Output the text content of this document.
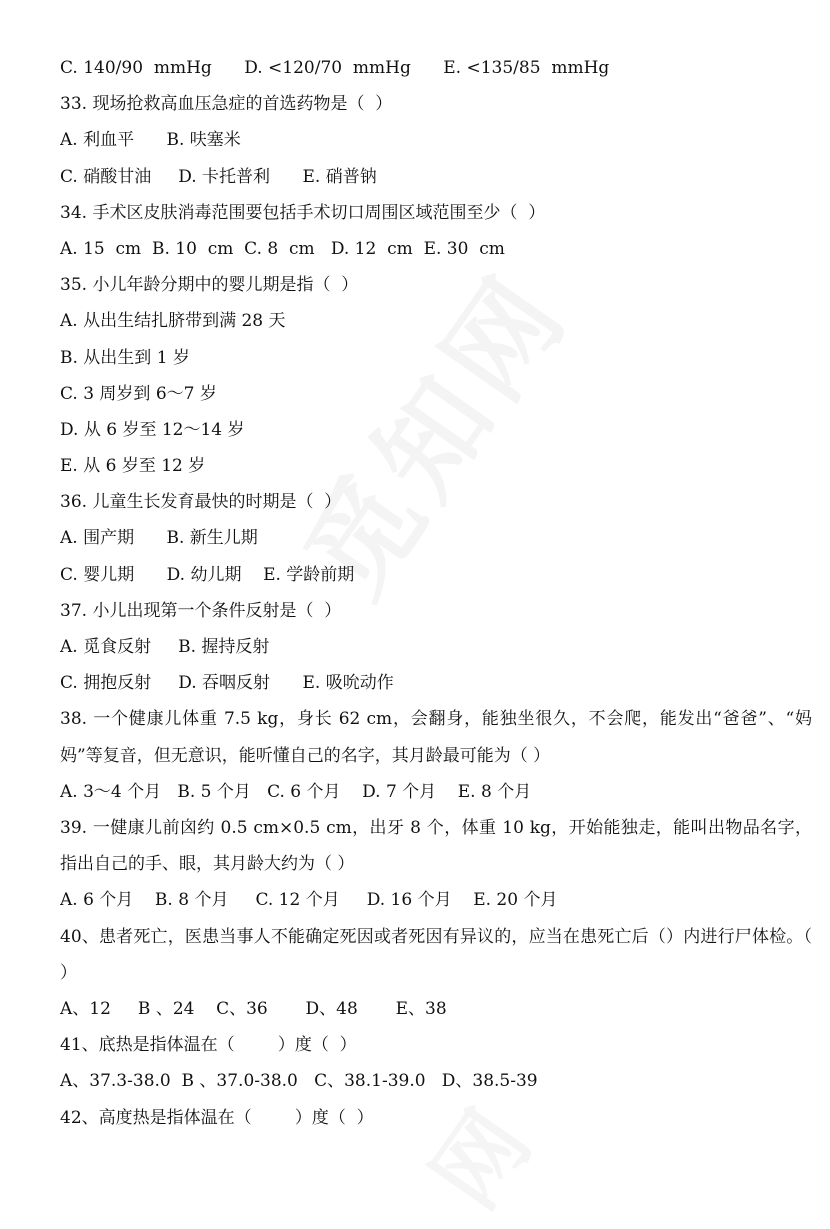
C. 140/90  mmHg      D. <120/70  mmHg      E. <135/85  mmHg
33. 现场抢救高血压急症的首选药物是（  ）
A. 利血平      B. 呋塞米
C. 硝酸甘油     D. 卡托普利      E. 硝普钠
34. 手术区皮肤消毒范围要包括手术切口周围区域范围至少（  ）
A. 15  cm  B. 10  cm  C. 8  cm   D. 12  cm  E. 30  cm
35. 小儿年龄分期中的婴儿期是指（  ）
A. 从出生结扎脐带到满 28 天
B. 从出生到 1 岁
C. 3 周岁到 6～7 岁
D. 从 6 岁至 12～14 岁
E. 从 6 岁至 12 岁
36. 儿童生长发育最快的时期是（  ）
A. 围产期      B. 新生儿期
C. 婴儿期      D. 幼儿期    E. 学龄前期
37. 小儿出现第一个条件反射是（  ）
A. 觅食反射     B. 握持反射
C. 拥抱反射     D. 吞咽反射      E. 吸吮动作
38. 一个健康儿体重 7.5 kg，身长 62 cm，会翻身，能独坐很久，不会爬，能发出“爸爸”、“妈妈”等复音，但无意识，能听懂自己的名字，其月龄最可能为（ ）
A. 3～4 个月   B. 5 个月   C. 6 个月    D. 7 个月    E. 8 个月
39. 一健康儿前囟约 0.5 cm×0.5 cm，出牙 8 个，体重 10 kg，开始能独走，能叫出物品名字，指出自己的手、眼，其月龄大约为（ ）
A. 6 个月    B. 8 个月     C. 12 个月     D. 16 个月    E. 20 个月
40、患者死亡，医患当事人不能确定死因或者死因有异议的，应当在患死亡后（）内进行尸体检。（ ）
A、12     B 、24    C、36       D、48       E、38
41、底热是指体温在（        ）度（  ）
A、37.3-38.0  B 、37.0-38.0   C、38.1-39.0   D、38.5-39
42、高度热是指体温在（        ）度（  ）
